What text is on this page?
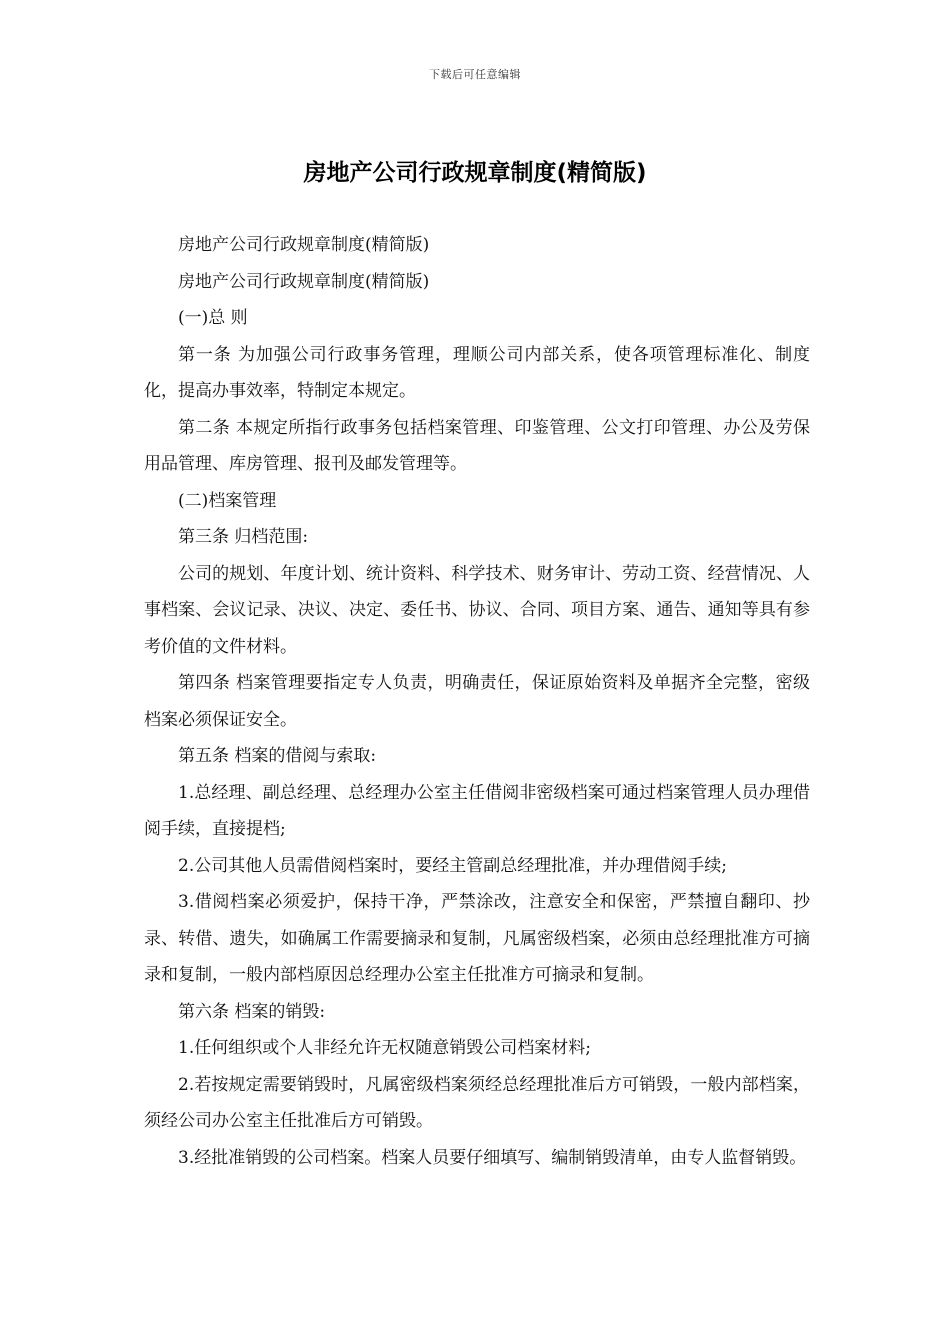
下载后可任意编辑
房地产公司行政规章制度(精简版)

房地产公司行政规章制度(精简版)

房地产公司行政规章制度(精简版)

(一)总 则

第一条 为加强公司行政事务管理，理顺公司内部关系，使各项管理标准化、制度化，提高办事效率，特制定本规定。

第二条 本规定所指行政事务包括档案管理、印鉴管理、公文打印管理、办公及劳保用品管理、库房管理、报刊及邮发管理等。

(二)档案管理

第三条 归档范围:

公司的规划、年度计划、统计资料、科学技术、财务审计、劳动工资、经营情况、人事档案、会议记录、决议、决定、委任书、协议、合同、项目方案、通告、通知等具有参考价值的文件材料。

第四条 档案管理要指定专人负责，明确责任，保证原始资料及单据齐全完整，密级档案必须保证安全。

第五条 档案的借阅与索取:

1.总经理、副总经理、总经理办公室主任借阅非密级档案可通过档案管理人员办理借阅手续，直接提档;

2.公司其他人员需借阅档案时，要经主管副总经理批准，并办理借阅手续;

3.借阅档案必须爱护，保持干净，严禁涂改，注意安全和保密，严禁擅自翻印、抄录、转借、遗失，如确属工作需要摘录和复制，凡属密级档案，必须由总经理批准方可摘录和复制，一般内部档原因总经理办公室主任批准方可摘录和复制。

第六条 档案的销毁:

1.任何组织或个人非经允许无权随意销毁公司档案材料;

2.若按规定需要销毁时，凡属密级档案须经总经理批准后方可销毁，一般内部档案，须经公司办公室主任批准后方可销毁。

3.经批准销毁的公司档案。档案人员要仔细填写、编制销毁清单，由专人监督销毁。
